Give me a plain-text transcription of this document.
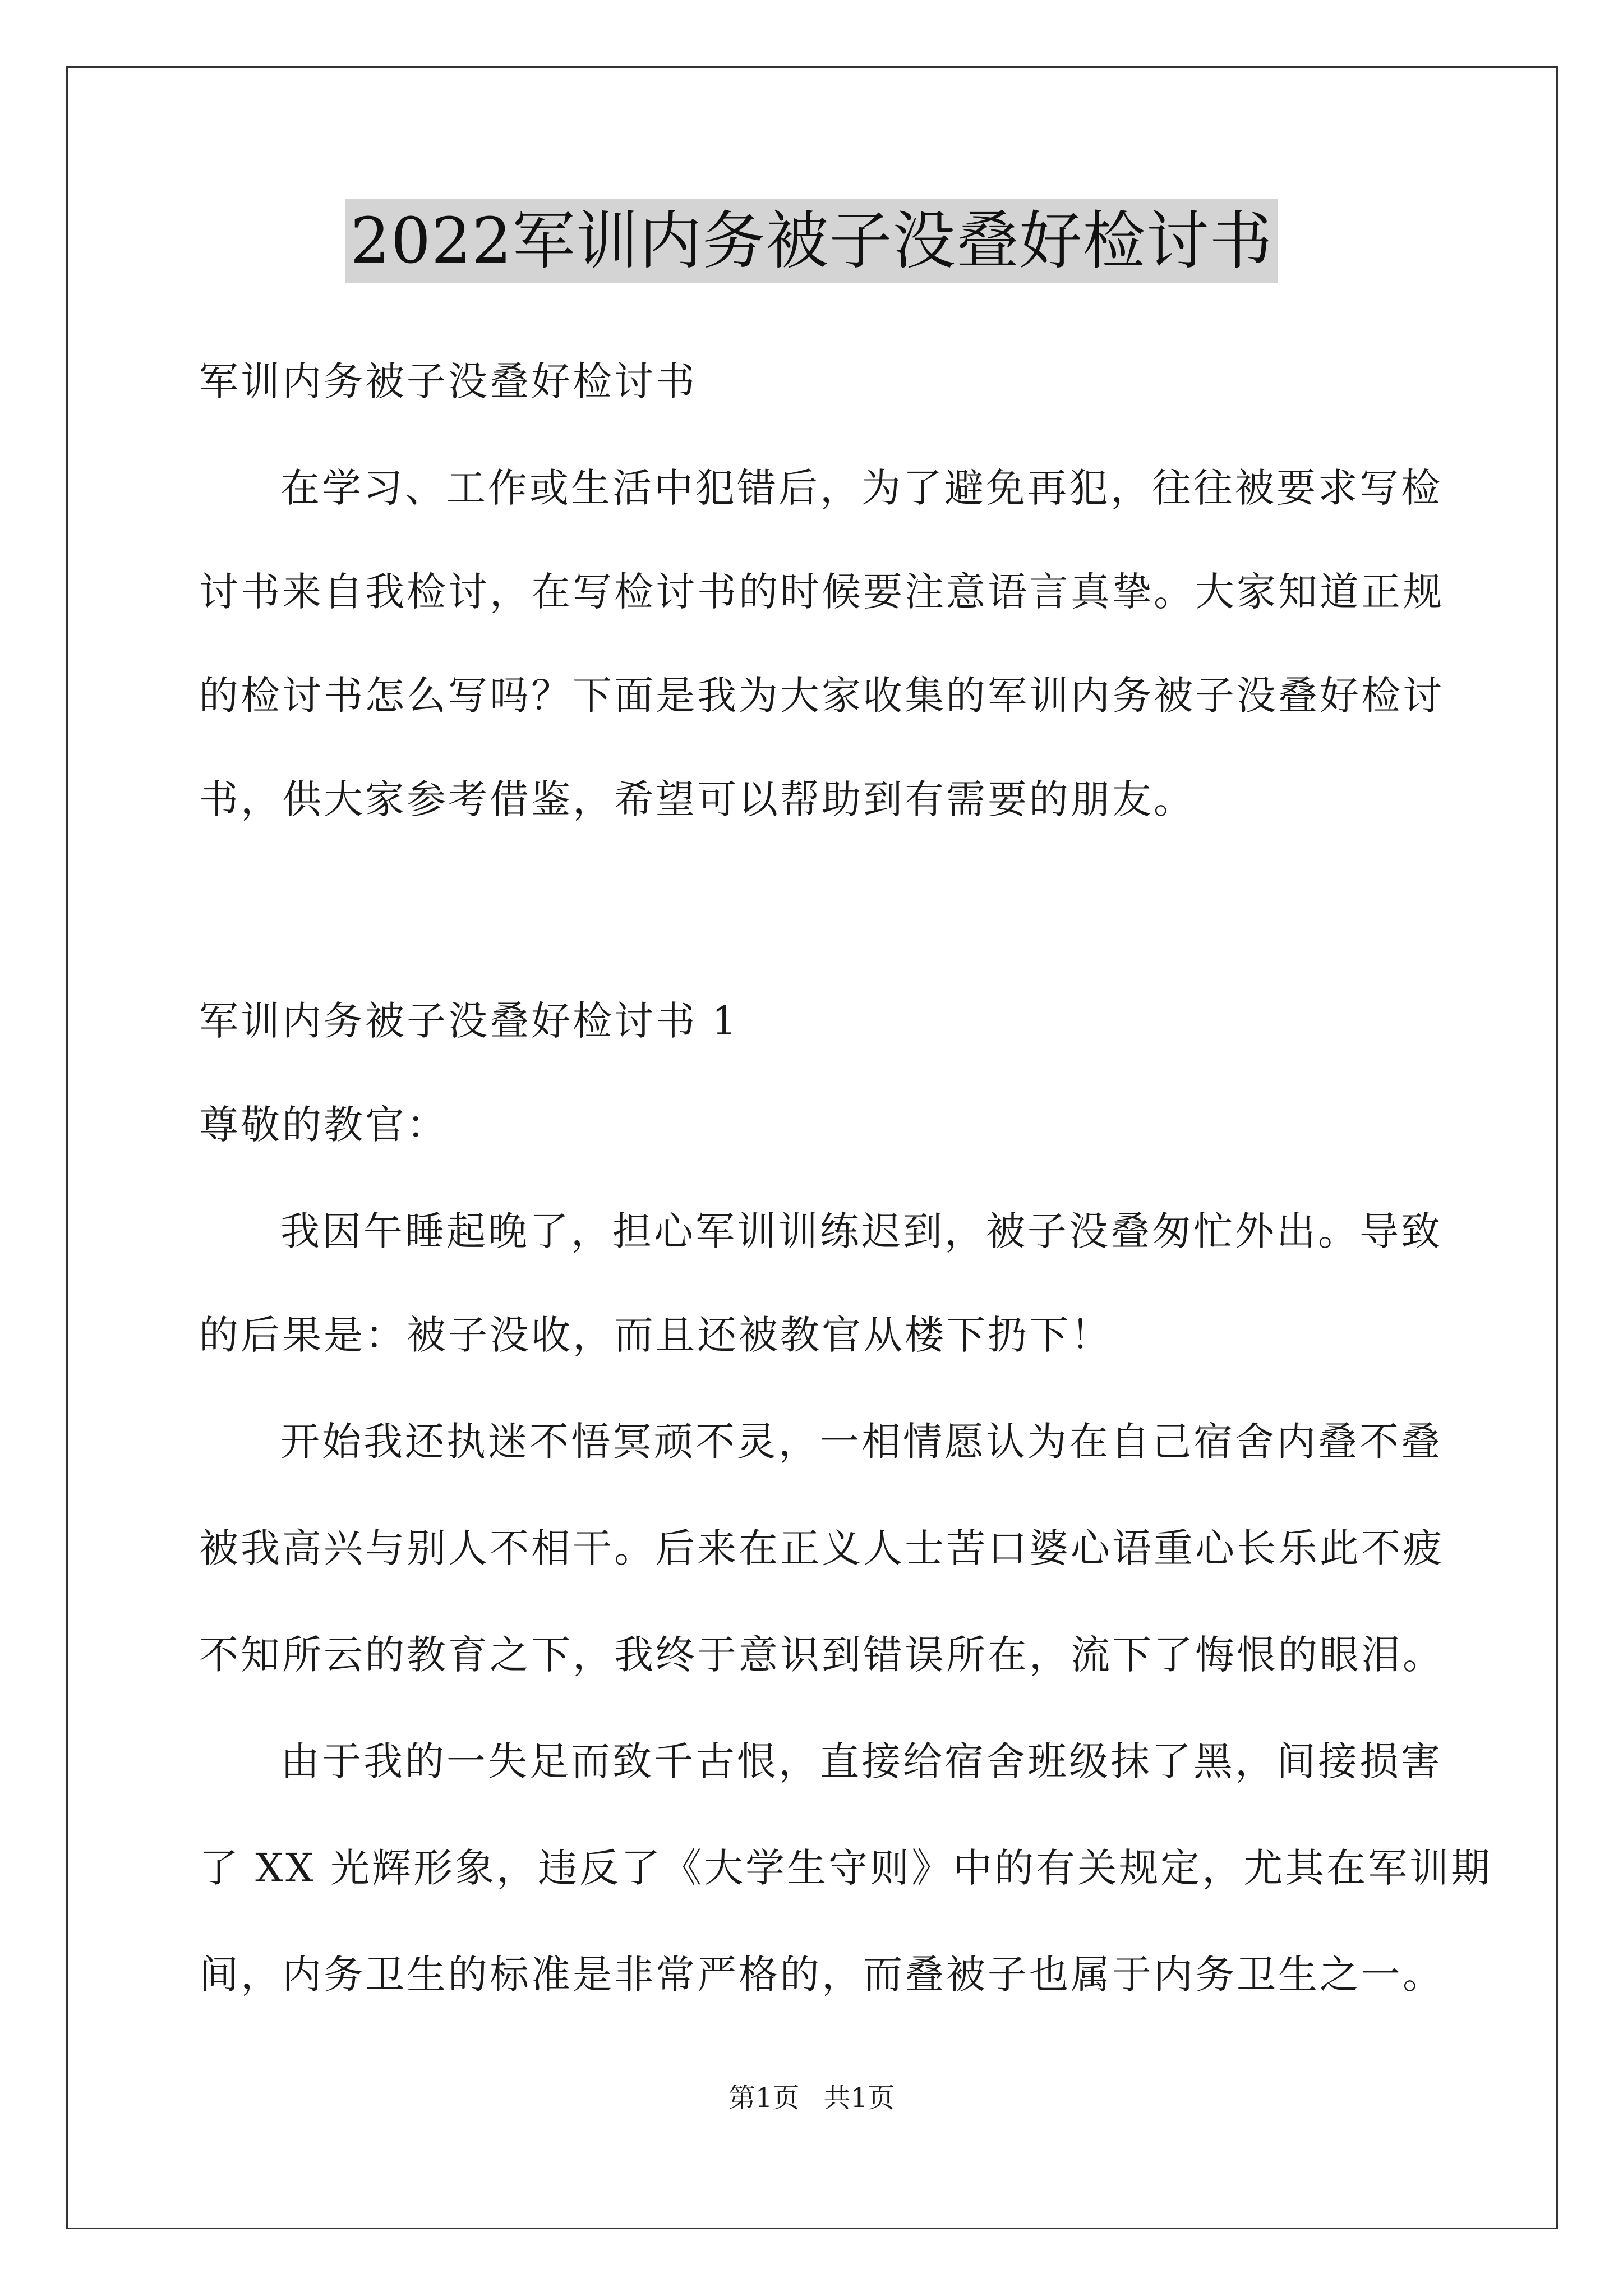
2022军训内务被子没叠好检讨书
军训内务被子没叠好检讨书
在学习、工作或生活中犯错后，为了避免再犯，往往被要求写检
讨书来自我检讨，在写检讨书的时候要注意语言真挚。大家知道正规
的检讨书怎么写吗？下面是我为大家收集的军训内务被子没叠好检讨
书，供大家参考借鉴，希望可以帮助到有需要的朋友。
军训内务被子没叠好检讨书 1
尊敬的教官：
我因午睡起晚了，担心军训训练迟到，被子没叠匆忙外出。导致
的后果是：被子没收，而且还被教官从楼下扔下！
开始我还执迷不悟冥顽不灵，一相情愿认为在自己宿舍内叠不叠
被我高兴与别人不相干。后来在正义人士苦口婆心语重心长乐此不疲
不知所云的教育之下，我终于意识到错误所在，流下了悔恨的眼泪。
由于我的一失足而致千古恨，直接给宿舍班级抹了黑，间接损害
了 XX 光辉形象，违反了《大学生守则》中的有关规定，尤其在军训期
间，内务卫生的标准是非常严格的，而叠被子也属于内务卫生之一。
第1页 共1页
